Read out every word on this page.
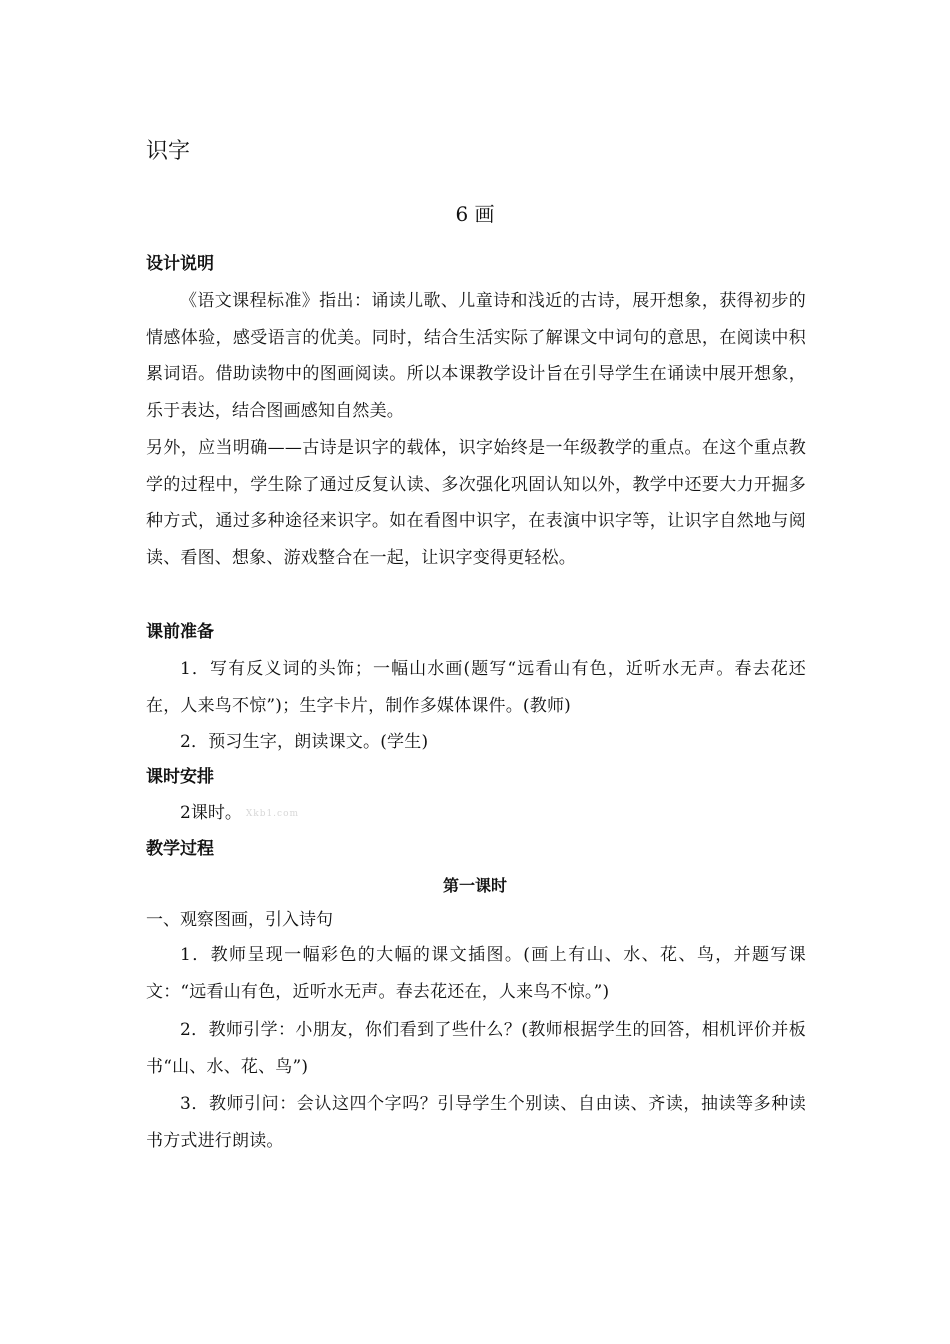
识字
6 画
设计说明
《语文课程标准》指出：诵读儿歌、儿童诗和浅近的古诗，展开想象，获得初步的情感体验，感受语言的优美。同时，结合生活实际了解课文中词句的意思，在阅读中积累词语。借助读物中的图画阅读。所以本课教学设计旨在引导学生在诵读中展开想象，乐于表达，结合图画感知自然美。
另外，应当明确——古诗是识字的载体，识字始终是一年级教学的重点。在这个重点教学的过程中，学生除了通过反复认读、多次强化巩固认知以外，教学中还要大力开掘多种方式，通过多种途径来识字。如在看图中识字，在表演中识字等，让识字自然地与阅读、看图、想象、游戏整合在一起，让识字变得更轻松。
课前准备
1．写有反义词的头饰；一幅山水画(题写“远看山有色，近听水无声。春去花还在，人来鸟不惊”)；生字卡片，制作多媒体课件。(教师)
2．预习生字，朗读课文。(学生)
课时安排
2课时。 Xkb1.com
教学过程
第一课时
一、观察图画，引入诗句
1．教师呈现一幅彩色的大幅的课文插图。(画上有山、水、花、鸟，并题写课文：“远看山有色，近听水无声。春去花还在，人来鸟不惊。”)
2．教师引学：小朋友，你们看到了些什么？(教师根据学生的回答，相机评价并板书“山、水、花、鸟”)
3．教师引问：会认这四个字吗？引导学生个别读、自由读、齐读，抽读等多种读书方式进行朗读。
